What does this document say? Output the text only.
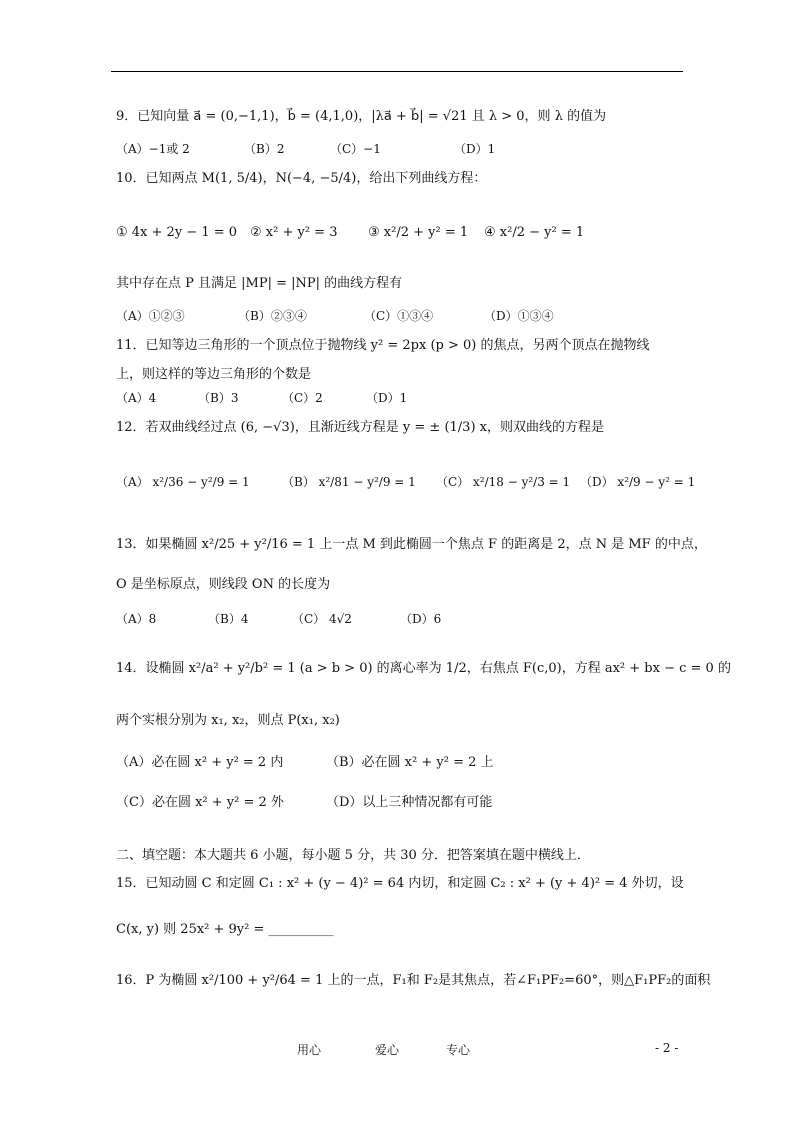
9．已知向量 a⃗ = (0,−1,1)，b⃗ = (4,1,0)，|λa⃗ + b⃗| = √21 且 λ > 0，则 λ 的值为
（A）−1或 2	（B）2	（C）−1	（D）1
10．已知两点 M(1, 5/4)，N(−4, −5/4)，给出下列曲线方程：
① 4x + 2y − 1 = 0 ② x² + y² = 3 ③ x²/2 + y² = 1 ④ x²/2 − y² = 1
其中存在点 P 且满足 |MP| = |NP| 的曲线方程有
（A）①②③	（B）②③④	（C）①③④	（D）①③④
11．已知等边三角形的一个顶点位于抛物线 y² = 2px (p > 0) 的焦点，另两个顶点在抛物线
上，则这样的等边三角形的个数是
（A）4	（B）3	（C）2	（D）1
12．若双曲线经过点 (6, −√3)，且渐近线方程是 y = ± (1/3) x，则双曲线的方程是
（A） x²/36 − y²/9 = 1	（B） x²/81 − y²/9 = 1 （C） x²/18 − y²/3 = 1 （D） x²/9 − y² = 1
13．如果椭圆 x²/25 + y²/16 = 1 上一点 M 到此椭圆一个焦点 F 的距离是 2，点 N 是 MF 的中点，
O 是坐标原点，则线段 ON 的长度为
（A）8	（B）4	（C） 4√2	（D）6
14．设椭圆 x²/a² + y²/b² = 1 (a > b > 0) 的离心率为 1/2，右焦点 F(c,0)，方程 ax² + bx − c = 0 的
两个实根分别为 x₁, x₂，则点 P(x₁, x₂)
（A）必在圆 x² + y² = 2 内	（B）必在圆 x² + y² = 2 上
（C）必在圆 x² + y² = 2 外	（D）以上三种情况都有可能
二、填空题：本大题共 6 小题，每小题 5 分，共 30 分．把答案填在题中横线上．
15．已知动圆 C 和定圆 C₁ : x² + (y − 4)² = 64 内切，和定圆 C₂ : x² + (y + 4)² = 4 外切，设
C(x, y) 则 25x² + 9y² = __________
16．P 为椭圆 x²/100 + y²/64 = 1 上的一点，F₁和 F₂是其焦点，若∠F₁PF₂=60°，则△F₁PF₂的面积
用心	爱心	专心	- 2 -
